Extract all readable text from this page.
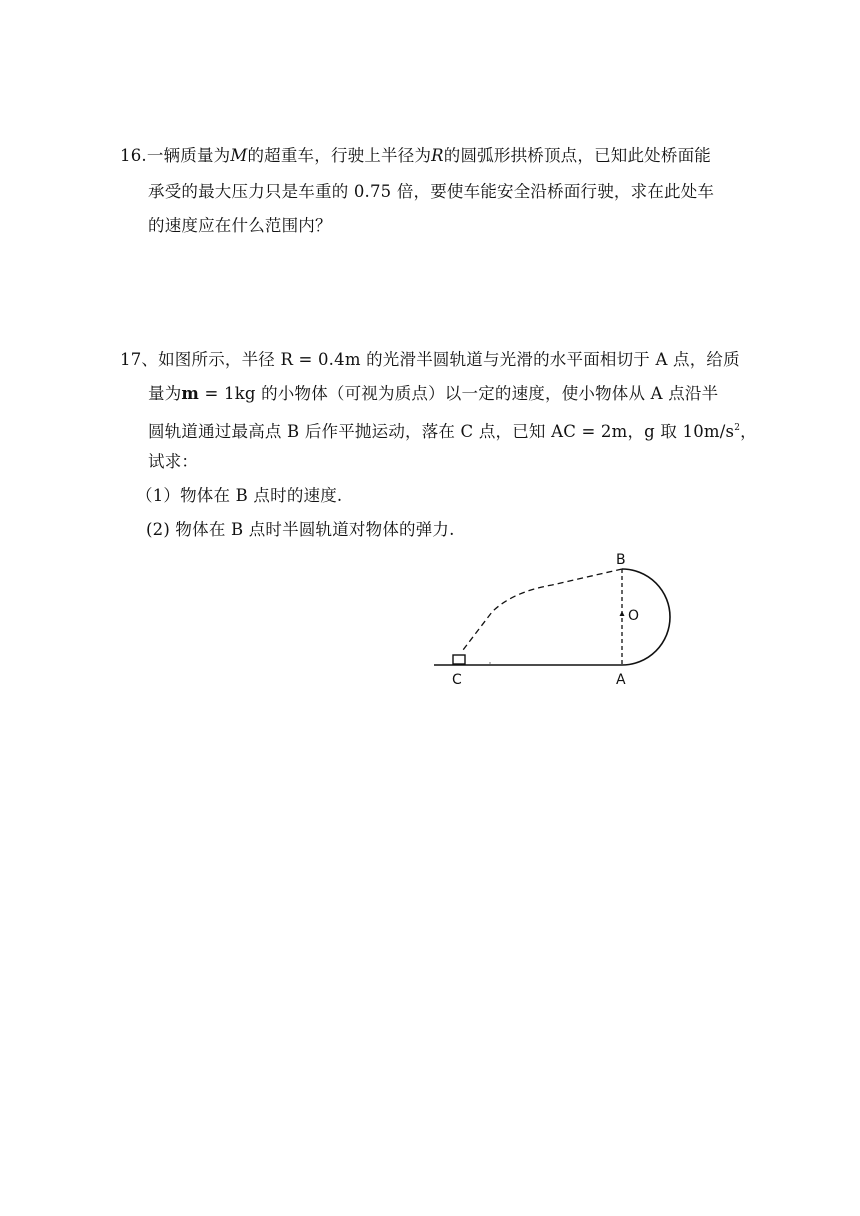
16.一辆质量为M的超重车，行驶上半径为R的圆弧形拱桥顶点，已知此处桥面能
承受的最大压力只是车重的 0.75 倍，要使车能安全沿桥面行驶，求在此处车
的速度应在什么范围内？
17、如图所示，半径 R = 0.4m 的光滑半圆轨道与光滑的水平面相切于 A 点，给质
量为m = 1kg 的小物体（可视为质点）以一定的速度，使小物体从 A 点沿半
圆轨道通过最高点 B 后作平抛运动，落在 C 点，已知 AC = 2m，g 取 $10m/s^2$，
试求：
（1）物体在 B 点时的速度.
(2) 物体在 B 点时半圆轨道对物体的弹力.
B
O
C	A
